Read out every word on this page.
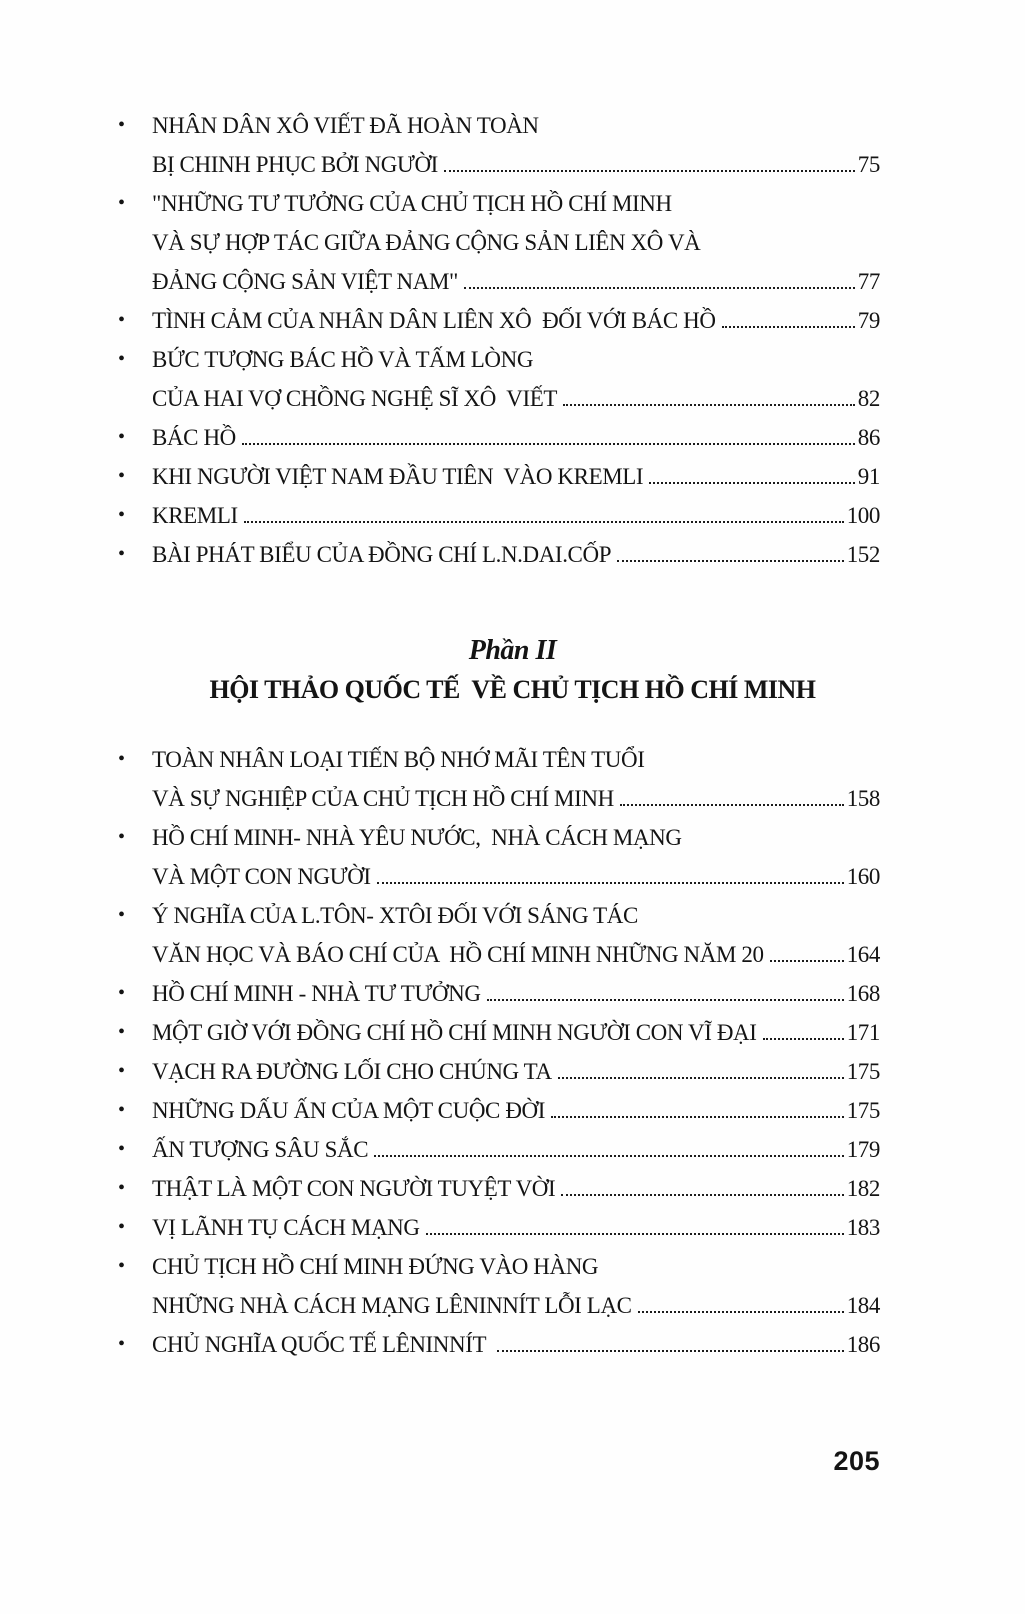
•	NHÂN DÂN XÔ VIẾT ĐÃ HOÀN TOÀN
BỊ CHINH PHỤC BỞI NGƯỜI	75
•	"NHỮNG TƯ TƯỞNG CỦA CHỦ TỊCH HỒ CHÍ MINH
VÀ SỰ HỢP TÁC GIỮA ĐẢNG CỘNG SẢN LIÊN XÔ VÀ
ĐẢNG CỘNG SẢN VIỆT NAM"	77
•	TÌNH CẢM CỦA NHÂN DÂN LIÊN XÔ  ĐỐI VỚI BÁC HỒ	79
•	BỨC TƯỢNG BÁC HỒ VÀ TẤM LÒNG
CỦA HAI VỢ CHỒNG NGHỆ SĨ XÔ  VIẾT	82
•	BÁC HỒ	86
•	KHI NGƯỜI VIỆT NAM ĐẦU TIÊN  VÀO KREMLI	91
•	KREMLI	100
•	BÀI PHÁT BIỂU CỦA ĐỒNG CHÍ L.N.DAI.CỐP	152
Phần II
HỘI THẢO QUỐC TẾ  VỀ CHỦ TỊCH HỒ CHÍ MINH
•	TOÀN NHÂN LOẠI TIẾN BỘ NHỚ MÃI TÊN TUỔI
VÀ SỰ NGHIỆP CỦA CHỦ TỊCH HỒ CHÍ MINH	158
•	HỒ CHÍ MINH- NHÀ YÊU NƯỚC,  NHÀ CÁCH MẠNG
VÀ MỘT CON NGƯỜI	160
•	Ý NGHĨA CỦA L.TÔN- XTÔI ĐỐI VỚI SÁNG TÁC
VĂN HỌC VÀ BÁO CHÍ CỦA  HỒ CHÍ MINH NHỮNG NĂM 20	164
•	HỒ CHÍ MINH - NHÀ TƯ TƯỞNG	168
•	MỘT GIỜ VỚI ĐỒNG CHÍ HỒ CHÍ MINH NGƯỜI CON VĨ ĐẠI	171
•	VẠCH RA ĐƯỜNG LỐI CHO CHÚNG TA	175
•	NHỮNG DẤU ẤN CỦA MỘT CUỘC ĐỜI	175
•	ẤN TƯỢNG SÂU SẮC	179
•	THẬT LÀ MỘT CON NGƯỜI TUYỆT VỜI	182
•	VỊ LÃNH TỤ CÁCH MẠNG	183
•	CHỦ TỊCH HỒ CHÍ MINH ĐỨNG VÀO HÀNG
NHỮNG NHÀ CÁCH MẠNG LÊNINNÍT LỖI LẠC	184
•	CHỦ NGHĨA QUỐC TẾ LÊNINNÍT	186
205
